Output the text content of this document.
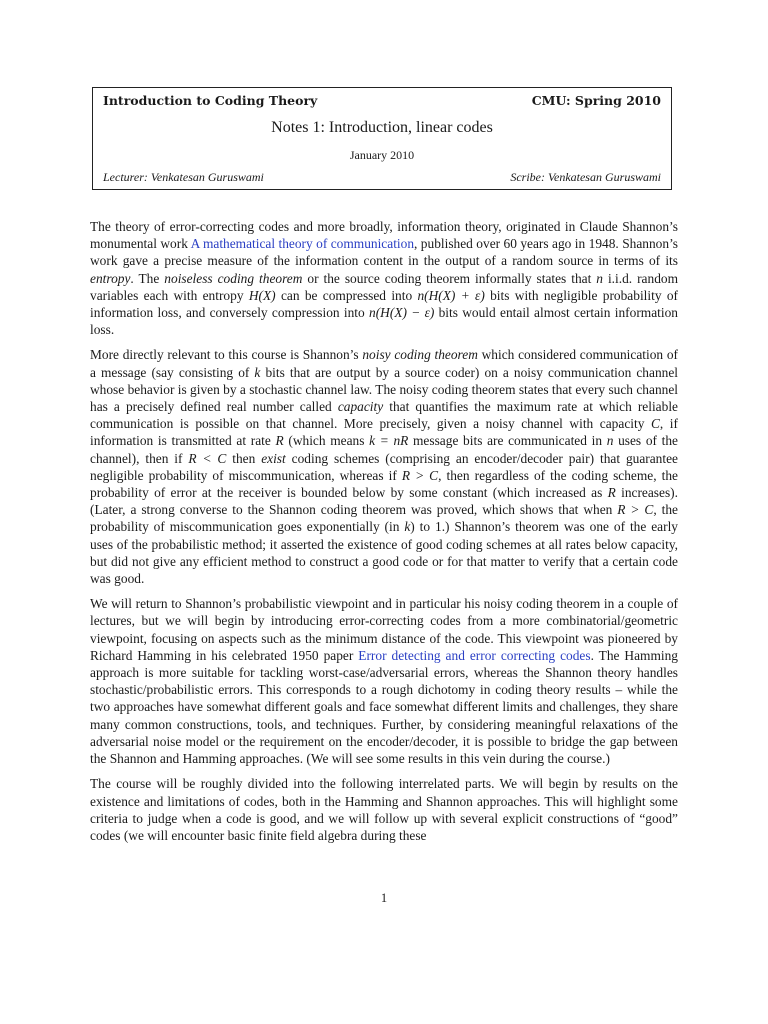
Introduction to Coding Theory	CMU: Spring 2010
Notes 1: Introduction, linear codes
January 2010
Lecturer: Venkatesan Guruswami	Scribe: Venkatesan Guruswami

The theory of error-correcting codes and more broadly, information theory, originated in Claude Shannon’s monumental work A mathematical theory of communication, published over 60 years ago in 1948. Shannon’s work gave a precise measure of the information content in the output of a random source in terms of its entropy. The noiseless coding theorem or the source coding theorem informally states that n i.i.d. random variables each with entropy H(X) can be compressed into n(H(X) + ε) bits with negligible probability of information loss, and conversely compression into n(H(X) − ε) bits would entail almost certain information loss.

More directly relevant to this course is Shannon’s noisy coding theorem which considered communication of a message (say consisting of k bits that are output by a source coder) on a noisy communication channel whose behavior is given by a stochastic channel law. The noisy coding theorem states that every such channel has a precisely defined real number called capacity that quantifies the maximum rate at which reliable communication is possible on that channel. More precisely, given a noisy channel with capacity C, if information is transmitted at rate R (which means k = nR message bits are communicated in n uses of the channel), then if R < C then exist coding schemes (comprising an encoder/decoder pair) that guarantee negligible probability of miscommunication, whereas if R > C, then regardless of the coding scheme, the probability of error at the receiver is bounded below by some constant (which increased as R increases). (Later, a strong converse to the Shannon coding theorem was proved, which shows that when R > C, the probability of miscommunication goes exponentially (in k) to 1.) Shannon’s theorem was one of the early uses of the probabilistic method; it asserted the existence of good coding schemes at all rates below capacity, but did not give any efficient method to construct a good code or for that matter to verify that a certain code was good.

We will return to Shannon’s probabilistic viewpoint and in particular his noisy coding theorem in a couple of lectures, but we will begin by introducing error-correcting codes from a more combinatorial/geometric viewpoint, focusing on aspects such as the minimum distance of the code. This viewpoint was pioneered by Richard Hamming in his celebrated 1950 paper Error detecting and error correcting codes. The Hamming approach is more suitable for tackling worst-case/adversarial errors, whereas the Shannon theory handles stochastic/probabilistic errors. This corresponds to a rough dichotomy in coding theory results – while the two approaches have somewhat different goals and face somewhat different limits and challenges, they share many common constructions, tools, and techniques. Further, by considering meaningful relaxations of the adversarial noise model or the requirement on the encoder/decoder, it is possible to bridge the gap between the Shannon and Hamming approaches. (We will see some results in this vein during the course.)

The course will be roughly divided into the following interrelated parts. We will begin by results on the existence and limitations of codes, both in the Hamming and Shannon approaches. This will highlight some criteria to judge when a code is good, and we will follow up with several explicit constructions of “good” codes (we will encounter basic finite field algebra during these

1
